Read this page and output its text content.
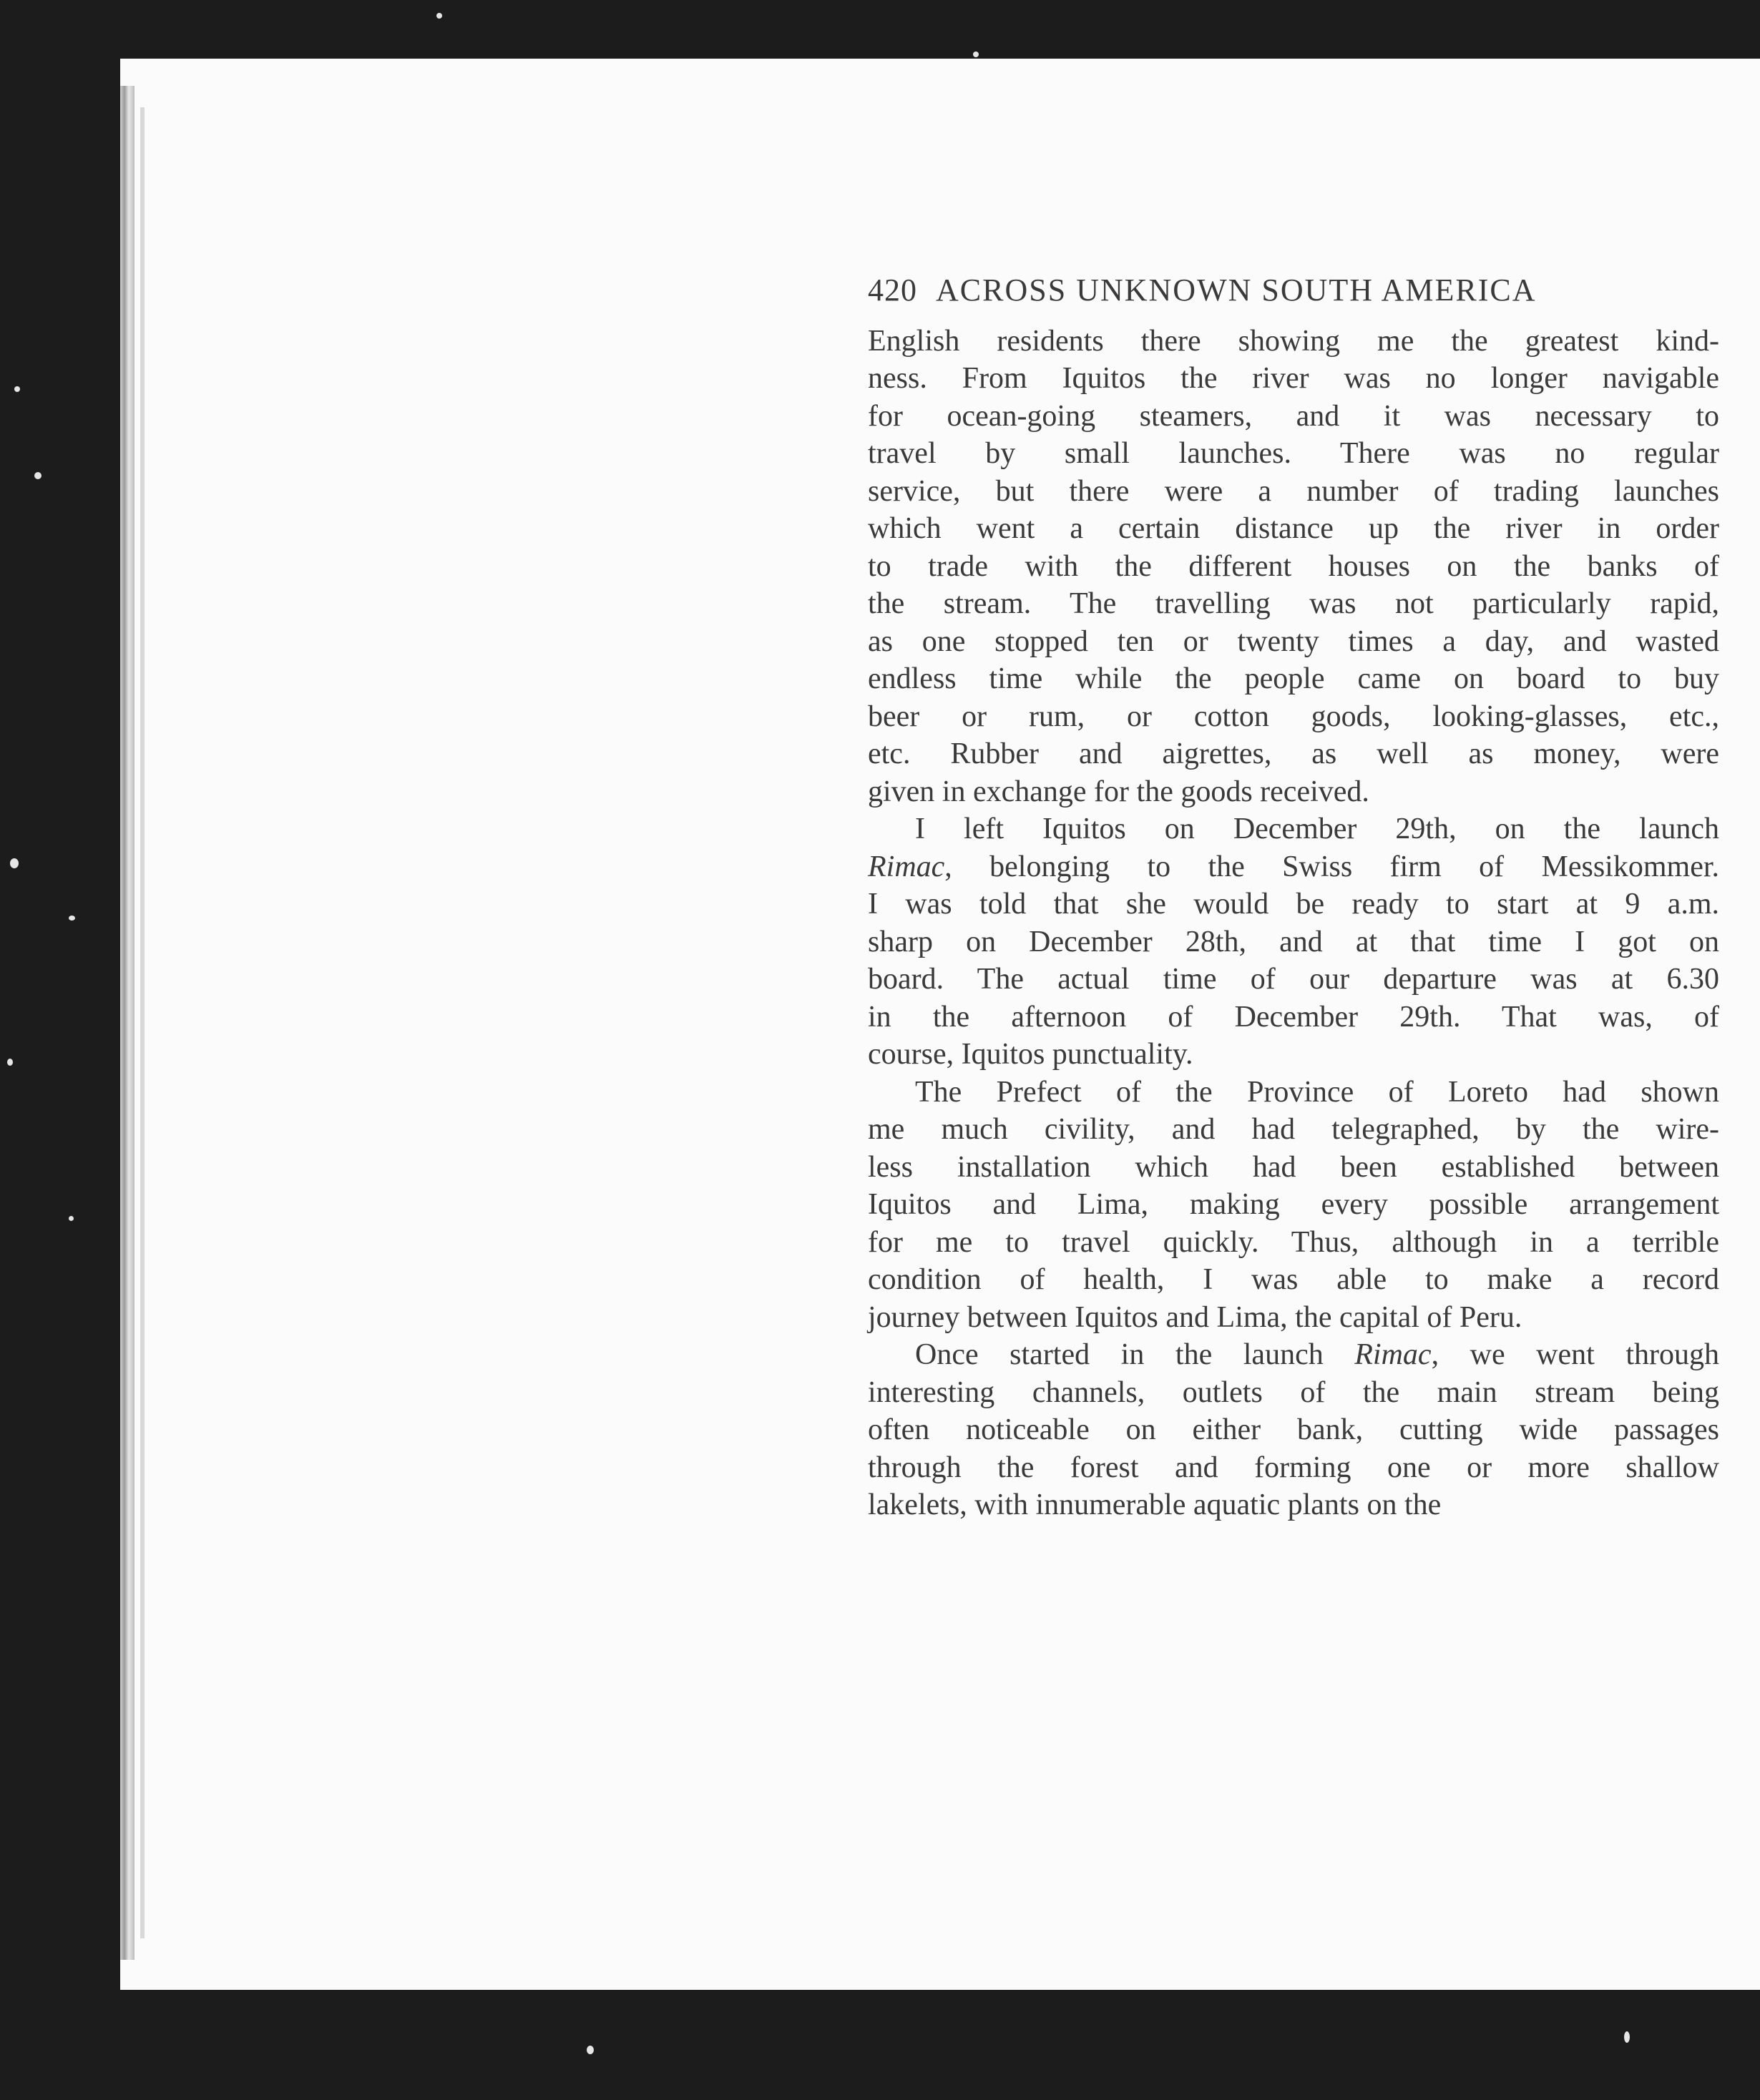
420 ACROSS UNKNOWN SOUTH AMERICA
English residents there showing me the greatest kind-
ness. From Iquitos the river was no longer navigable
for ocean-going steamers, and it was necessary to
travel by small launches. There was no regular
service, but there were a number of trading launches
which went a certain distance up the river in order
to trade with the different houses on the banks of
the stream. The travelling was not particularly rapid,
as one stopped ten or twenty times a day, and wasted
endless time while the people came on board to buy
beer or rum, or cotton goods, looking-glasses, etc.,
etc. Rubber and aigrettes, as well as money, were
given in exchange for the goods received.
I left Iquitos on December 29th, on the launch
Rimac, belonging to the Swiss firm of Messikommer.
I was told that she would be ready to start at 9 a.m.
sharp on December 28th, and at that time I got on
board. The actual time of our departure was at 6.30
in the afternoon of December 29th. That was, of
course, Iquitos punctuality.
The Prefect of the Province of Loreto had shown
me much civility, and had telegraphed, by the wire-
less installation which had been established between
Iquitos and Lima, making every possible arrangement
for me to travel quickly. Thus, although in a terrible
condition of health, I was able to make a record
journey between Iquitos and Lima, the capital of Peru.
Once started in the launch Rimac, we went through
interesting channels, outlets of the main stream being
often noticeable on either bank, cutting wide passages
through the forest and forming one or more shallow
lakelets, with innumerable aquatic plants on the
